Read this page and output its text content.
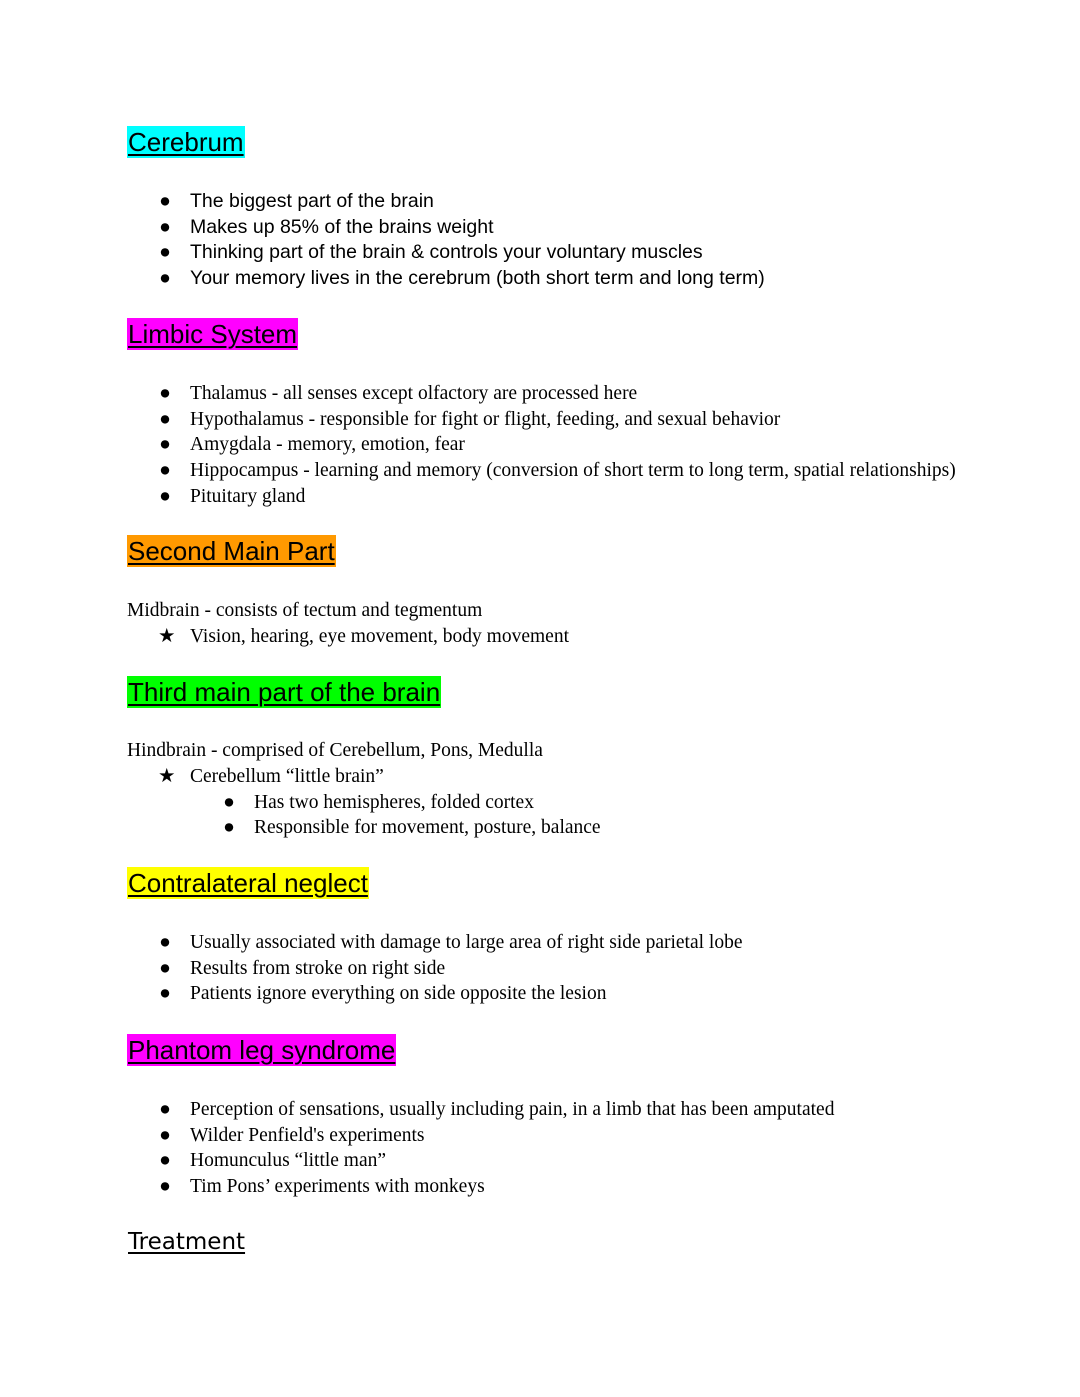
Cerebrum
● The biggest part of the brain
● Makes up 85% of the brains weight
● Thinking part of the brain & controls your voluntary muscles
● Your memory lives in the cerebrum (both short term and long term)
Limbic System
● Thalamus - all senses except olfactory are processed here
● Hypothalamus - responsible for fight or flight, feeding, and sexual behavior
● Amygdala - memory, emotion, fear
● Hippocampus - learning and memory (conversion of short term to long term, spatial relationships)
● Pituitary gland
Second Main Part
Midbrain - consists of tectum and tegmentum
★ Vision, hearing, eye movement, body movement
Third main part of the brain
Hindbrain - comprised of Cerebellum, Pons, Medulla
★ Cerebellum “little brain”
● Has two hemispheres, folded cortex
● Responsible for movement, posture, balance
Contralateral neglect
● Usually associated with damage to large area of right side parietal lobe
● Results from stroke on right side
● Patients ignore everything on side opposite the lesion
Phantom leg syndrome
● Perception of sensations, usually including pain, in a limb that has been amputated
● Wilder Penfield's experiments
● Homunculus “little man”
● Tim Pons’ experiments with monkeys
Treatment
